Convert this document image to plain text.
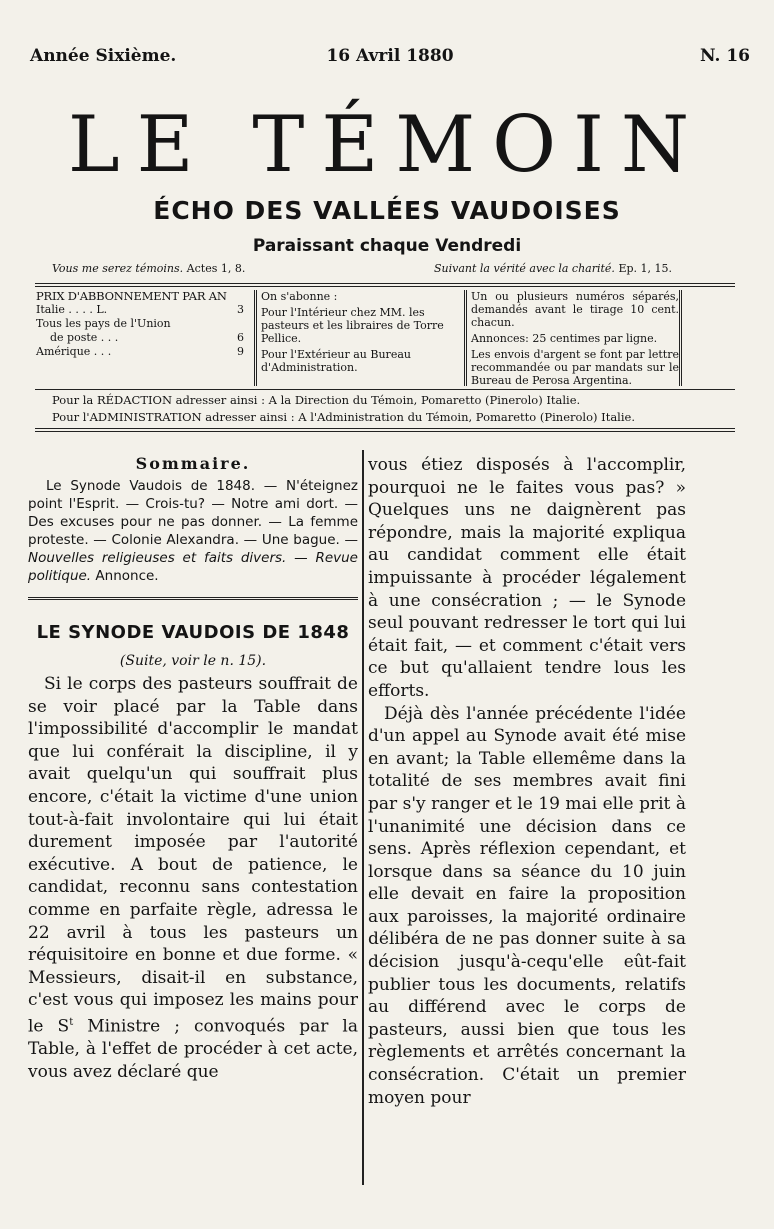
Année Sixième.	16 Avril 1880	N. 16
LE TÉMOIN
ÉCHO DES VALLÉES VAUDOISES
Paraissant chaque Vendredi
Vous me serez témoins. Actes 1, 8.	Suivant la vérité avec la charité. Ep. 1, 15.
PRIX D'ABBONNEMENT PAR AN
Italie . . . . L.	3
Tous les pays de l'Union
de poste . . .	6
Amérique . . .	9

On s'abonne :

Pour l'Intérieur chez MM. les pasteurs et les libraires de Torre Pellice.

Pour l'Extérieur au Bureau d'Administration.

Un ou plusieurs numéros séparés, demandés avant le tirage 10 cent. chacun.

Annonces: 25 centimes par ligne.

Les envois d'argent se font par lettre recommandée ou par mandats sur le Bureau de Perosa Argentina.

Pour la RÉDACTION adresser ainsi : A la Direction du Témoin, Pomaretto (Pinerolo) Italie.
Pour l'ADMINISTRATION adresser ainsi : A l'Administration du Témoin, Pomaretto (Pinerolo) Italie.
Sommaire.
Le Synode Vaudois de 1848. — N'éteignez point l'Esprit. — Crois-tu? — Notre ami dort. — Des excuses pour ne pas donner. — La femme proteste. — Colonie Alexandra. — Une bague. — Nouvelles religieuses et faits divers. — Revue politique. Annonce.
LE SYNODE VAUDOIS DE 1848
(Suite, voir le n. 15).

Si le corps des pasteurs souffrait de se voir placé par la Table dans l'impossibilité d'accomplir le mandat que lui conférait la discipline, il y avait quelqu'un qui souffrait plus encore, c'était la victime d'une union tout-à-fait involontaire qui lui était durement imposée par l'autorité exécutive. A bout de patience, le candidat, reconnu sans contestation comme en parfaite règle, adressa le 22 avril à tous les pasteurs un réquisitoire en bonne et due forme. « Messieurs, disait-il en substance, c'est vous qui imposez les mains pour le $S^t$ Ministre ; convoqués par la Table, à l'effet de procéder à cet acte, vous avez déclaré que

vous étiez disposés à l'accomplir, pourquoi ne le faites vous pas? » Quelques uns ne daignèrent pas répondre, mais la majorité expliqua au candidat comment elle était impuissante à procéder légalement à une consécration ; — le Synode seul pouvant redresser le tort qui lui était fait, — et comment c'était vers ce but qu'allaient tendre lous les efforts.

Déjà dès l'année précédente l'idée d'un appel au Synode avait été mise en avant; la Table ellemême dans la totalité de ses membres avait fini par s'y ranger et le 19 mai elle prit à l'unanimité une décision dans ce sens. Après réflexion cependant, et lorsque dans sa séance du 10 juin elle devait en faire la proposition aux paroisses, la majorité ordinaire délibéra de ne pas donner suite à sa décision jusqu'à-cequ'elle eût-fait publier tous les documents, relatifs au différend avec le corps de pasteurs, aussi bien que tous les règlements et arrêtés concernant la consécration. C'était un premier moyen pour
